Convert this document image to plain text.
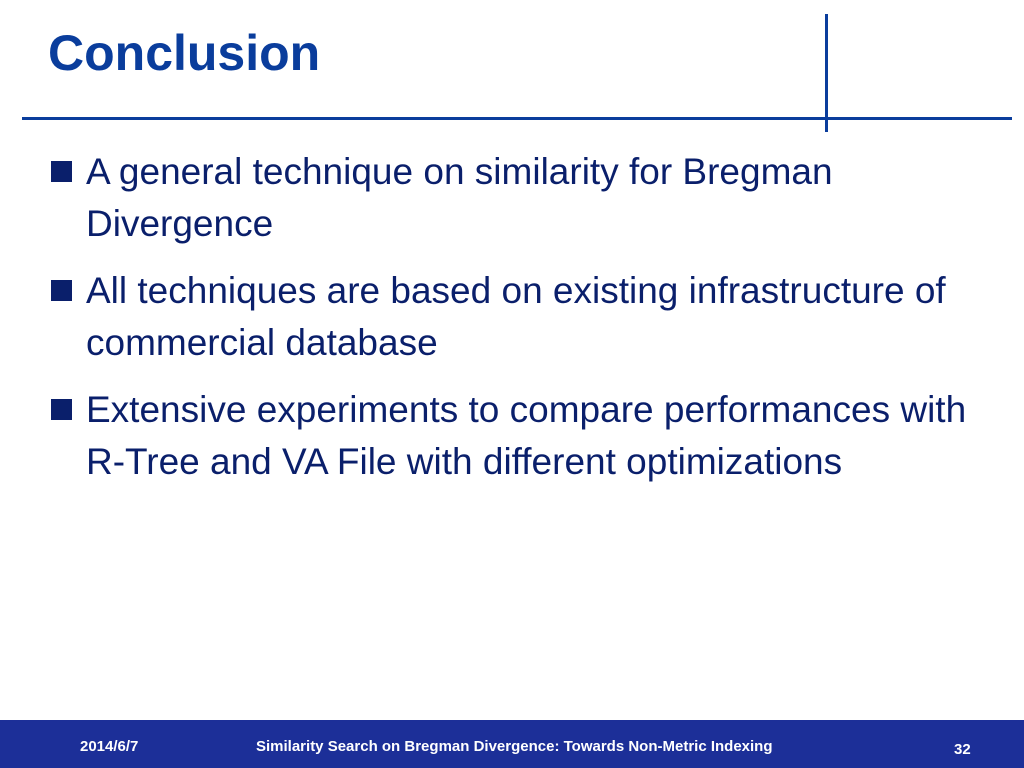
Conclusion
A general technique on similarity for Bregman Divergence
All techniques are based on existing infrastructure of commercial database
Extensive experiments to compare performances with R-Tree and VA File with different optimizations
2014/6/7	Similarity Search on Bregman Divergence: Towards Non-Metric Indexing	32
